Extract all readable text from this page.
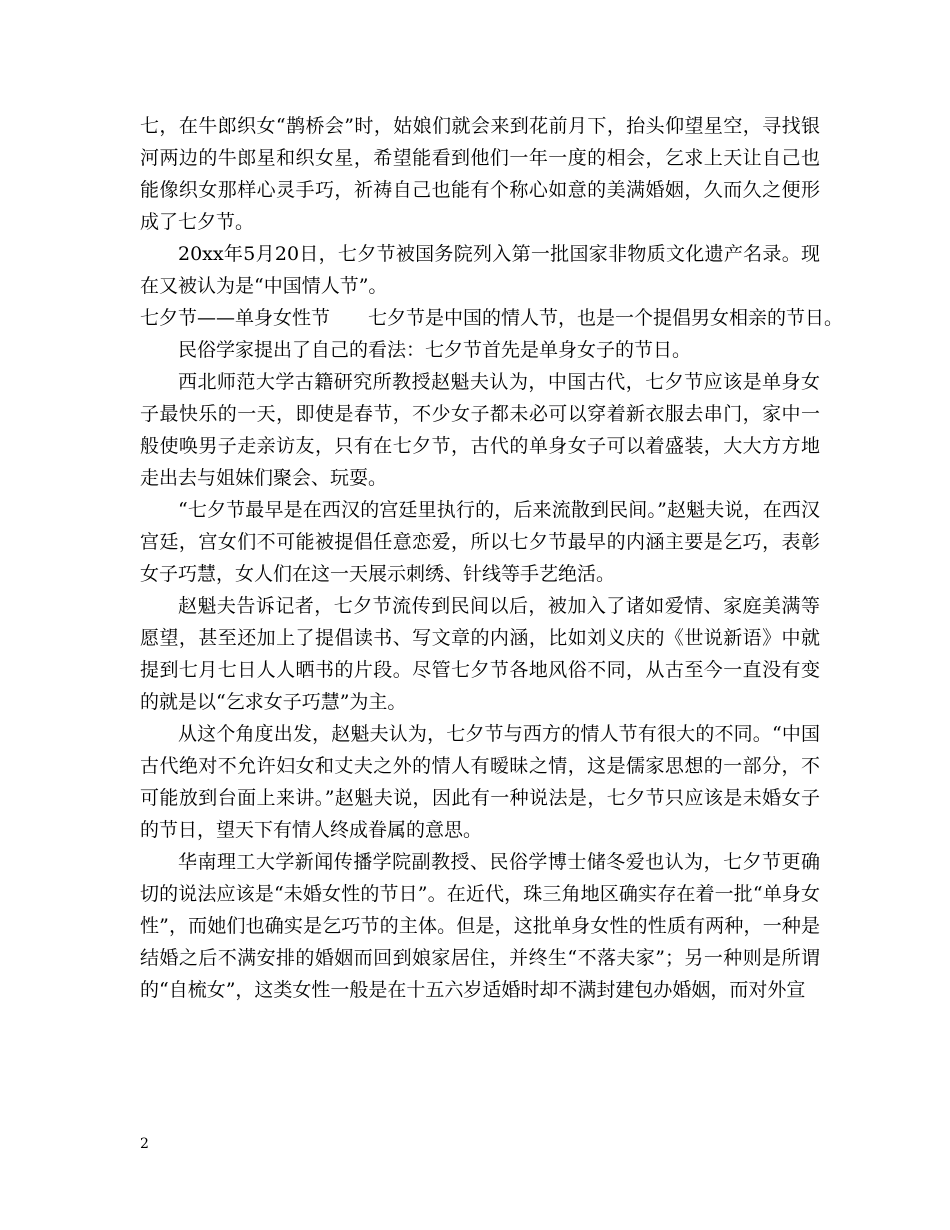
七，在牛郎织女“鹊桥会”时，姑娘们就会来到花前月下，抬头仰望星空，寻找银河两边的牛郎星和织女星，希望能看到他们一年一度的相会，乞求上天让自己也能像织女那样心灵手巧，祈祷自己也能有个称心如意的美满婚姻，久而久之便形成了七夕节。

20xx年5月20日，七夕节被国务院列入第一批国家非物质文化遗产名录。现在又被认为是“中国情人节”。

七夕节——单身女性节 七夕节是中国的情人节，也是一个提倡男女相亲的节日。

民俗学家提出了自己的看法：七夕节首先是单身女子的节日。

西北师范大学古籍研究所教授赵魁夫认为，中国古代，七夕节应该是单身女子最快乐的一天，即使是春节，不少女子都未必可以穿着新衣服去串门，家中一般使唤男子走亲访友，只有在七夕节，古代的单身女子可以着盛装，大大方方地走出去与姐妹们聚会、玩耍。

“七夕节最早是在西汉的宫廷里执行的，后来流散到民间。”赵魁夫说，在西汉宫廷，宫女们不可能被提倡任意恋爱，所以七夕节最早的内涵主要是乞巧，表彰女子巧慧，女人们在这一天展示刺绣、针线等手艺绝活。

赵魁夫告诉记者，七夕节流传到民间以后，被加入了诸如爱情、家庭美满等愿望，甚至还加上了提倡读书、写文章的内涵，比如刘义庆的《世说新语》中就提到七月七日人人晒书的片段。尽管七夕节各地风俗不同，从古至今一直没有变的就是以“乞求女子巧慧”为主。

从这个角度出发，赵魁夫认为，七夕节与西方的情人节有很大的不同。“中国古代绝对不允许妇女和丈夫之外的情人有暧昧之情，这是儒家思想的一部分，不可能放到台面上来讲。”赵魁夫说，因此有一种说法是，七夕节只应该是未婚女子的节日，望天下有情人终成眷属的意思。

华南理工大学新闻传播学院副教授、民俗学博士储冬爱也认为，七夕节更确切的说法应该是“未婚女性的节日”。在近代，珠三角地区确实存在着一批“单身女性”，而她们也确实是乞巧节的主体。但是，这批单身女性的性质有两种，一种是结婚之后不满安排的婚姻而回到娘家居住，并终生“不落夫家”；另一种则是所谓的“自梳女”，这类女性一般是在十五六岁适婚时却不满封建包办婚姻，而对外宣

2
